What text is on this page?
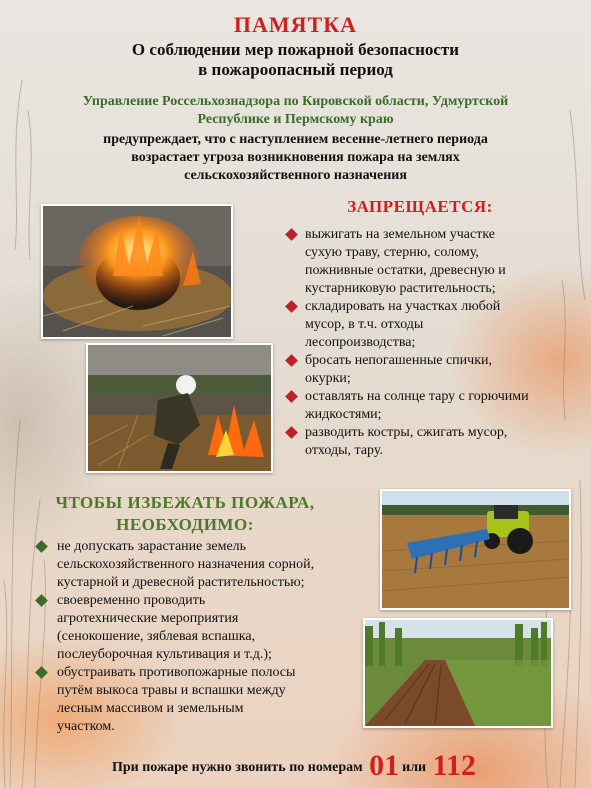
ПАМЯТКА
О соблюдении мер пожарной безопасности
в пожароопасный период
Управление Россельхознадзора по Кировской области, Удмуртской
Республике и Пермскому краю
предупреждает, что с наступлением весенне-летнего периода
возрастает угроза возникновения пожара на землях
сельскохозяйственного назначения
ЗАПРЕЩАЕТСЯ:
выжигать на земельном участке
сухую траву, стерню, солому,
пожнивные остатки, древесную и
кустарниковую растительность;
складировать на участках любой
мусор, в т.ч. отходы
лесопроизводства;
бросать непогашенные спички,
окурки;
оставлять на солнце тару с горючими
жидкостями;
разводить костры, сжигать мусор,
отходы, тару.
ЧТОБЫ ИЗБЕЖАТЬ ПОЖАРА,
НЕОБХОДИМО:
не допускать зарастание земель
сельскохозяйственного назначения сорной,
кустарной и древесной растительностью;
своевременно проводить
агротехнические мероприятия
(сенокошение, зяблевая вспашка,
послеуборочная культивация и т.д.);
обустраивать противопожарные полосы
путём выкоса травы и вспашки между
лесным массивом и земельным
участком.
При пожаре нужно звонить по номерам 01 или 112
